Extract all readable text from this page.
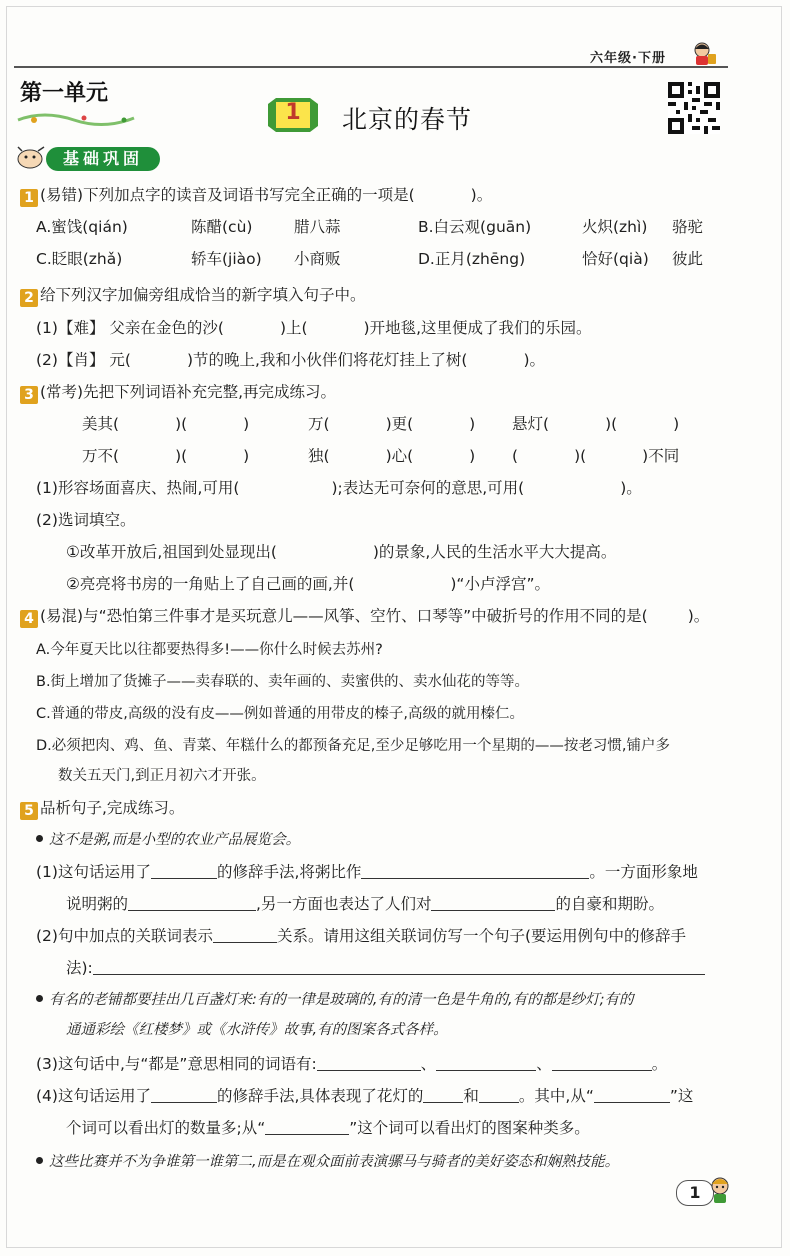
六年级·下册
第一单元
1	北京的春节
基础巩固
1 (易错)下列加点字的读音及词语书写完全正确的一项是(	)。
A.蜜饯(qián)	陈醋(cù)	腊八蒜	B.白云观(guān)	火炽(zhì) 骆驼
C.眨眼(zhǎ)	轿车(jiào) 小商贩	D.正月(zhēng)	恰好(qià) 彼此
2 给下列汉字加偏旁组成恰当的新字填入句子中。
(1)【难】 父亲在金色的沙(	)上(	)开地毯,这里便成了我们的乐园。
(2)【肖】 元(	)节的晚上,我和小伙伴们将花灯挂上了树(	)。
3 (常考)先把下列词语补充完整,再完成练习。
美其(	)(	)	万(	)更(	) 悬灯(	)(	)
万不(	)(	)	独(	)心(	) (	)(	)不同
(1)形容场面喜庆、热闹,可用(	);表达无可奈何的意思,可用(	)。
(2)选词填空。
①改革开放后,祖国到处显现出(	)的景象,人民的生活水平大大提高。
②亮亮将书房的一角贴上了自己画的画,并(	)“小卢浮宫”。
4 (易混)与“恐怕第三件事才是买玩意儿——风筝、空竹、口琴等”中破折号的作用不同的是(	)。
A.今年夏天比以往都要热得多!——你什么时候去苏州?
B.街上增加了货摊子——卖春联的、卖年画的、卖蜜供的、卖水仙花的等等。
C.普通的带皮,高级的没有皮——例如普通的用带皮的榛子,高级的就用榛仁。
D.必须把肉、鸡、鱼、青菜、年糕什么的都预备充足,至少足够吃用一个星期的——按老习惯,铺户多
数关五天门,到正月初六才开张。
5 品析句子,完成练习。
这不是粥,而是小型的农业产品展览会。
(1)这句话运用了	的修辞手法,将粥比作	。一方面形象地
说明粥的	,另一方面也表达了人们对	的自豪和期盼。
(2)句中加点的关联词表示	关系。请用这组关联词仿写一个句子(要运用例句中的修辞手
法):
有名的老铺都要挂出几百盏灯来:有的一律是玻璃的,有的清一色是牛角的,有的都是纱灯;有的
通通彩绘《红楼梦》或《水浒传》故事,有的图案各式各样。
(3)这句话中,与“都是”意思相同的词语有:	、	、	。
(4)这句话运用了	的修辞手法,具体表现了花灯的	和	。其中,从“	”这
个词可以看出灯的数量多;从“	”这个词可以看出灯的图案种类多。
这些比赛并不为争谁第一谁第二,而是在观众面前表演骡马与骑者的美好姿态和娴熟技能。
1
